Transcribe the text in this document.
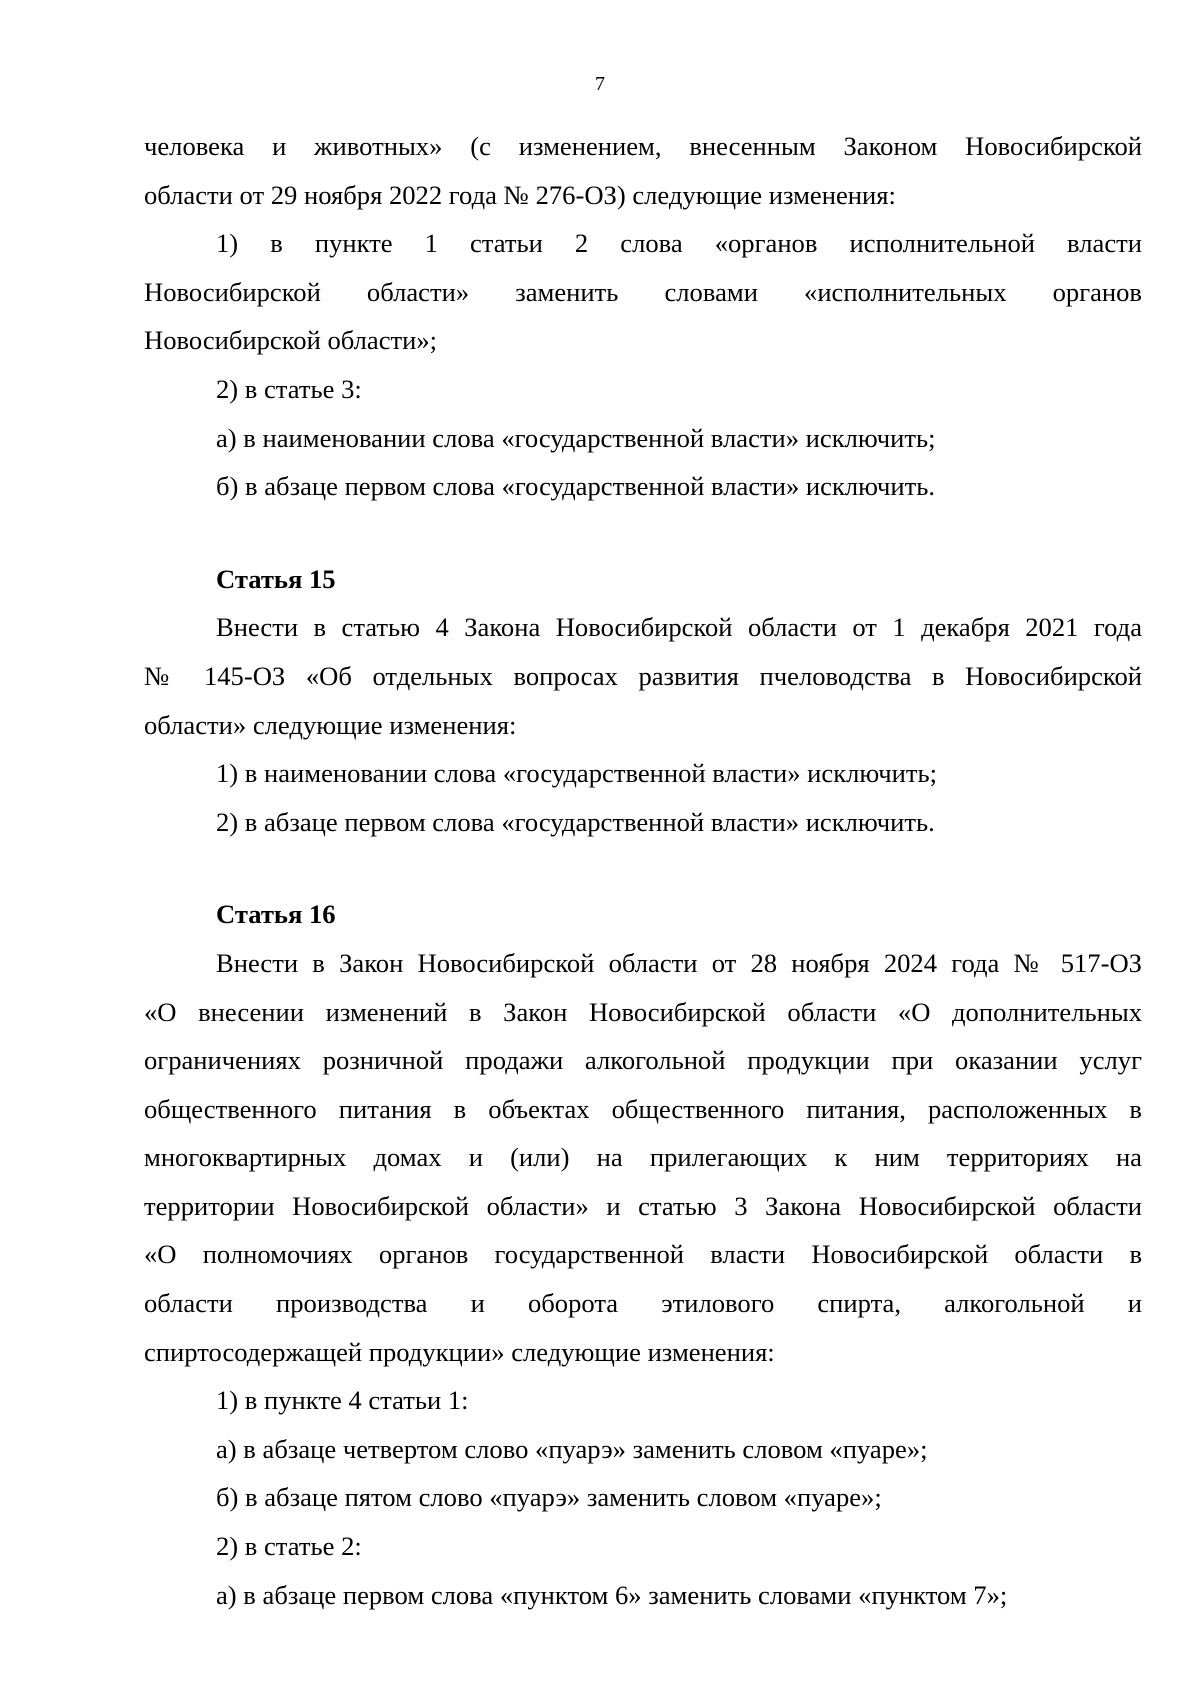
7
человека и животных» (с изменением, внесенным Законом Новосибирской
области от 29 ноября 2022 года № 276-ОЗ) следующие изменения:
1) в пункте 1 статьи 2 слова «органов исполнительной власти
Новосибирской области» заменить словами «исполнительных органов
Новосибирской области»;
2) в статье 3:
а) в наименовании слова «государственной власти» исключить;
б) в абзаце первом слова «государственной власти» исключить.
Статья 15
Внести в статью 4 Закона Новосибирской области от 1 декабря 2021 года
№ 145-ОЗ «Об отдельных вопросах развития пчеловодства в Новосибирской
области» следующие изменения:
1) в наименовании слова «государственной власти» исключить;
2) в абзаце первом слова «государственной власти» исключить.
Статья 16
Внести в Закон Новосибирской области от 28 ноября 2024 года № 517-ОЗ
«О внесении изменений в Закон Новосибирской области «О дополнительных
ограничениях розничной продажи алкогольной продукции при оказании услуг
общественного питания в объектах общественного питания, расположенных в
многоквартирных домах и (или) на прилегающих к ним территориях на
территории Новосибирской области» и статью 3 Закона Новосибирской области
«О полномочиях органов государственной власти Новосибирской области в
области производства и оборота этилового спирта, алкогольной и
спиртосодержащей продукции» следующие изменения:
1) в пункте 4 статьи 1:
а) в абзаце четвертом слово «пуарэ» заменить словом «пуаре»;
б) в абзаце пятом слово «пуарэ» заменить словом «пуаре»;
2) в статье 2:
а) в абзаце первом слова «пунктом 6» заменить словами «пунктом 7»;
